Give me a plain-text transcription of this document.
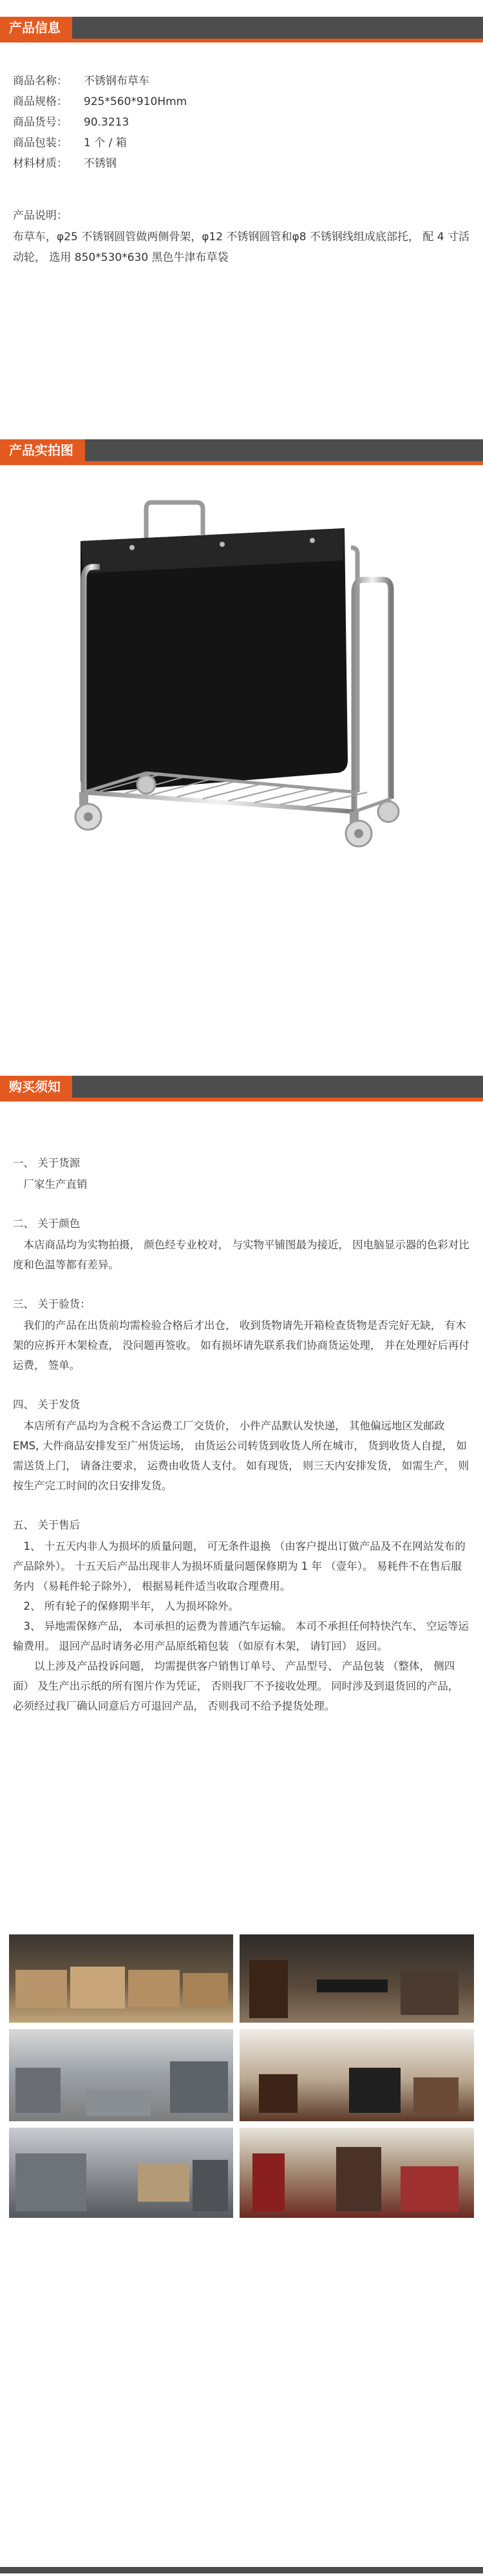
产品信息
商品名称：	不锈钢布草车
商品规格：	925*560*910Hmm
商品货号：	90.3213
商品包装：	1 个 / 箱
材料材质：	不锈钢
产品说明：
布草车，φ25 不锈钢圆管做两侧骨架，φ12 不锈钢圆管和φ8 不锈钢线组成底部托， 配 4 寸活动轮， 选用 850*530*630 黑色牛津布草袋
产品实拍图
购买须知
一、 关于货源

厂家生产直销

二、 关于颜色

本店商品均为实物拍摄， 颜色经专业校对， 与实物平铺图最为接近， 因电脑显示器的色彩对比度和色温等都有差异。

三、 关于验货：

我们的产品在出货前均需检验合格后才出仓， 收到货物请先开箱检查货物是否完好无缺， 有木架的应拆开木架检查， 没问题再签收。 如有损坏请先联系我们协商货运处理， 并在处理好后再付运费， 签单。

四、 关于发货

本店所有产品均为含税不含运费工厂交货价， 小件产品默认发快递， 其他偏远地区发邮政 EMS, 大件商品安排发至广州货运场， 由货运公司转货到收货人所在城市， 货到收货人自提， 如需送货上门， 请备注要求， 运费由收货人支付。 如有现货， 则三天内安排发货， 如需生产， 则按生产完工时间的次日安排发货。

五、 关于售后

1、 十五天内非人为损坏的质量问题， 可无条件退换 （由客户提出订做产品及不在网站发布的产品除外）。 十五天后产品出现非人为损坏质量问题保修期为 1 年 （壹年）。 易耗件不在售后服务内 （易耗件轮子除外）， 根据易耗件适当收取合理费用。

2、 所有轮子的保修期半年， 人为损坏除外。

3、 异地需保修产品， 本司承担的运费为普通汽车运输。 本司不承担任何特快汽车、 空运等运输费用。 退回产品时请务必用产品原纸箱包装 （如原有木架， 请钉回） 返回。

以上涉及产品投诉问题， 均需提供客户销售订单号、 产品型号、 产品包装 （整体， 侧四面） 及生产出示纸的所有图片作为凭证， 否则我厂不予接收处理。 同时涉及到退货回的产品， 必须经过我厂确认同意后方可退回产品， 否则我司不给予提货处理。
